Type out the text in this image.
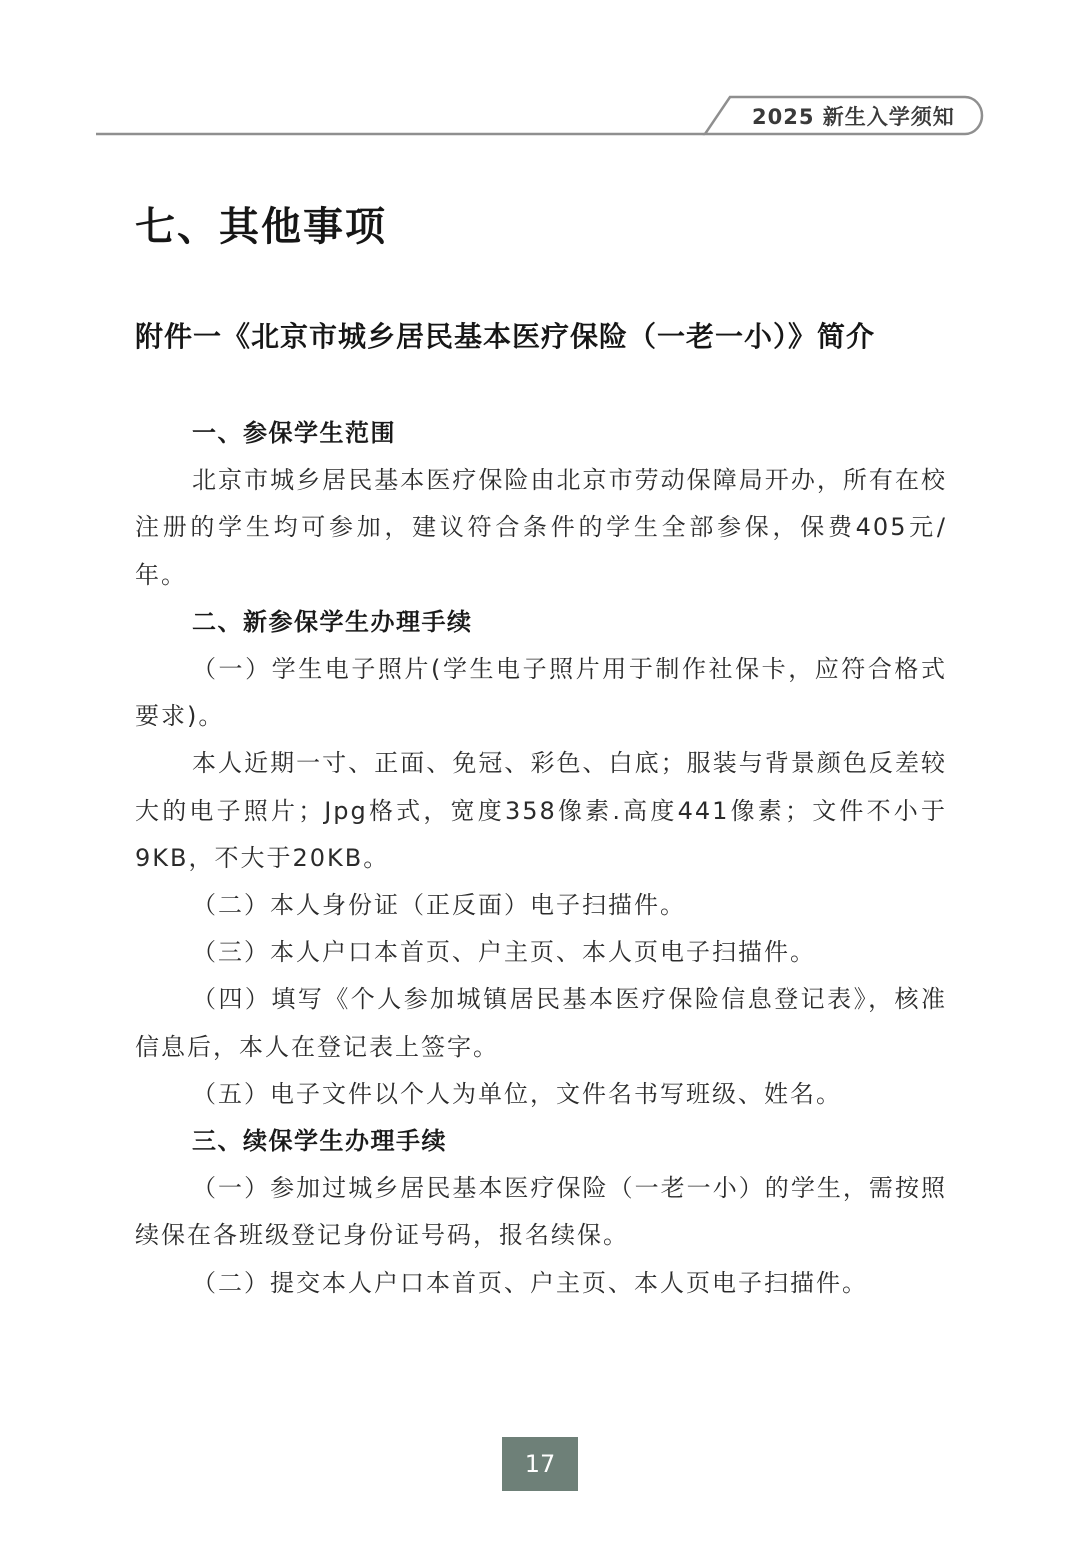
2025 新生入学须知
七、其他事项
附件一《北京市城乡居民基本医疗保险（一老一小）》简介

一、参保学生范围

北京市城乡居民基本医疗保险由北京市劳动保障局开办，所有在校注册的学生均可参加，建议符合条件的学生全部参保，保费405元/年。

二、新参保学生办理手续

（一）学生电子照片(学生电子照片用于制作社保卡，应符合格式要求)。

本人近期一寸、正面、免冠、彩色、白底；服装与背景颜色反差较大的电子照片；Jpg格式，宽度358像素.高度441像素；文件不小于9KB，不大于20KB。

（二）本人身份证（正反面）电子扫描件。

（三）本人户口本首页、户主页、本人页电子扫描件。

（四）填写《个人参加城镇居民基本医疗保险信息登记表》，核准信息后，本人在登记表上签字。

（五）电子文件以个人为单位，文件名书写班级、姓名。

三、续保学生办理手续

（一）参加过城乡居民基本医疗保险（一老一小）的学生，需按照续保在各班级登记身份证号码，报名续保。

（二）提交本人户口本首页、户主页、本人页电子扫描件。

17
